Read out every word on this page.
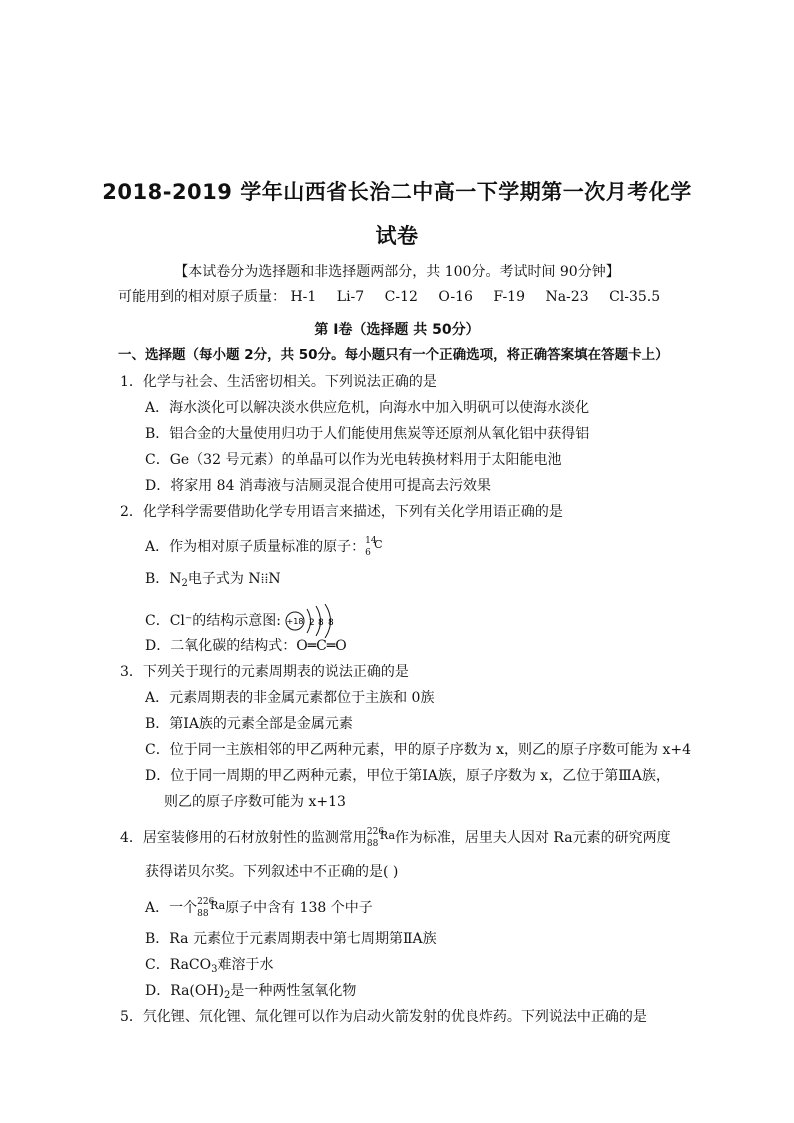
2018-2019 学年山西省长治二中高一下学期第一次月考化学
试卷
【本试卷分为选择题和非选择题两部分，共 100分。考试时间 90分钟】
可能用到的相对原子质量： H-1 Li-7 C-12 O-16 F-19 Na-23 Cl-35.5
第 Ⅰ卷（选择题 共 50分）
一、选择题（每小题 2分，共 50分。每小题只有一个正确选项，将正确答案填在答题卡上）
1．化学与社会、生活密切相关。下列说法正确的是
A．海水淡化可以解决淡水供应危机，向海水中加入明矾可以使海水淡化
B．铝合金的大量使用归功于人们能使用焦炭等还原剂从氧化铝中获得铝
C．Ge（32 号元素）的单晶可以作为光电转换材料用于太阳能电池
D．将家用 84 消毒液与洁厕灵混合使用可提高去污效果
2．化学科学需要借助化学专用语言来描述，下列有关化学用语正确的是
A．作为相对原子质量标准的原子： 14
6
C
B．$N_2$电子式为 N⁞⁞N
C．Cl⁻的结构示意图: +18 2 8 8
D．二氧化碳的结构式：O═C═O
3．下列关于现行的元素周期表的说法正确的是
A．元素周期表的非金属元素都位于主族和 0族
B．第ⅠA族的元素全部是金属元素
C．位于同一主族相邻的甲乙两种元素，甲的原子序数为 x，则乙的原子序数可能为 x+4
D．位于同一周期的甲乙两种元素，甲位于第ⅠA族，原子序数为 x，乙位于第ⅢA族，
则乙的原子序数可能为 x+13
4．居室装修用的石材放射性的监测常用 226
88
Ra 作为标准，居里夫人因对 Ra元素的研究两度
获得诺贝尔奖。下列叙述中不正确的是( )
A．一个 226
88
Ra 原子中含有 138 个中子
B．Ra 元素位于元素周期表中第七周期第ⅡA族
C．RaCO$_3$难溶于水
D．$Ra(OH)_2$是一种两性氢氧化物
5．氕化锂、氘化锂、氚化锂可以作为启动火箭发射的优良炸药。下列说法中正确的是
